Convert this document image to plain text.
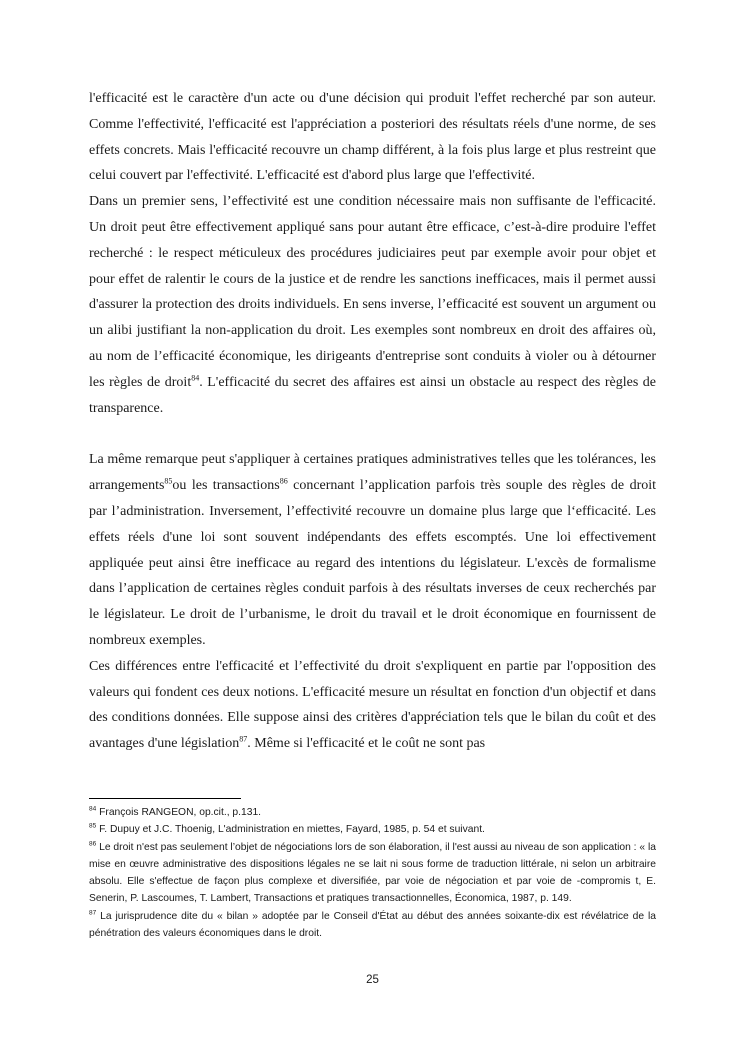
l'efficacité est le caractère d'un acte ou d'une décision qui produit l'effet recherché par son auteur. Comme l'effectivité, l'efficacité est l'appréciation a posteriori des résultats réels d'une norme, de ses effets concrets. Mais l'efficacité recouvre un champ différent, à la fois plus large et plus restreint que celui couvert par l'effectivité. L'efficacité est d'abord plus large que l'effectivité.

Dans un premier sens, l’effectivité est une condition nécessaire mais non suffisante de l'efficacité. Un droit peut être effectivement appliqué sans pour autant être efficace, c’est-à-dire produire l'effet recherché : le respect méticuleux des procédures judiciaires peut par exemple avoir pour objet et pour effet de ralentir le cours de la justice et de rendre les sanctions inefficaces, mais il permet aussi d'assurer la protection des droits individuels. En sens inverse, l’efficacité est souvent un argument ou un alibi justifiant la non-application du droit. Les exemples sont nombreux en droit des affaires où, au nom de l’efficacité économique, les dirigeants d'entreprise sont conduits à violer ou à détourner les règles de droit$^{84}$. L'efficacité du secret des affaires est ainsi un obstacle au respect des règles de transparence.

La même remarque peut s'appliquer à certaines pratiques administratives telles que les tolérances, les arrangements$^{85}$ou les transactions$^{86}$ concernant l’application parfois très souple des règles de droit par l’administration. Inversement, l’effectivité recouvre un domaine plus large que l‘efficacité. Les effets réels d'une loi sont souvent indépendants des effets escomptés. Une loi effectivement appliquée peut ainsi être inefficace au regard des intentions du législateur. L'excès de formalisme dans l’application de certaines règles conduit parfois à des résultats inverses de ceux recherchés par le législateur. Le droit de l’urbanisme, le droit du travail et le droit économique en fournissent de nombreux exemples.

Ces différences entre l'efficacité et l’effectivité du droit s'expliquent en partie par l'opposition des valeurs qui fondent ces deux notions. L'efficacité mesure un résultat en fonction d'un objectif et dans des conditions données. Elle suppose ainsi des critères d'appréciation tels que le bilan du coût et des avantages d'une législation$^{87}$. Même si l'efficacité et le coût ne sont pas

$^{84}$ François RANGEON, op.cit., p.131.

$^{85}$ F. Dupuy et J.C. Thoenig, L'administration en miettes, Fayard, 1985, p. 54 et suivant.

$^{86}$ Le droit n'est pas seulement l’objet de négociations lors de son élaboration, il l'est aussi au niveau de son application : « la mise en œuvre administrative des dispositions légales ne se lait ni sous forme de traduction littérale, ni selon un arbitraire absolu. Elle s'effectue de façon plus complexe et diversifiée, par voie de négociation et par voie de -compromis t, E. Senerin, P. Lascoumes, T. Lambert, Transactions et pratiques transactionnelles, Économica, 1987, p. 149.

$^{87}$ La jurisprudence dite du « bilan » adoptée par le Conseil d'État au début des années soixante-dix est révélatrice de la pénétration des valeurs économiques dans le droit.

25
